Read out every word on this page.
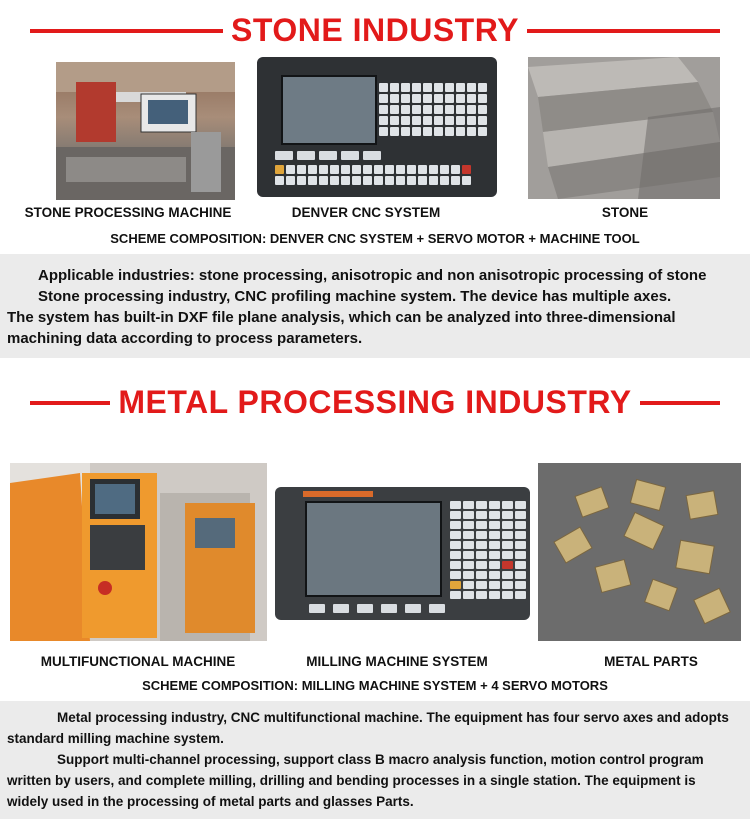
STONE INDUSTRY
STONE PROCESSING MACHINE	DENVER CNC SYSTEM	STONE
SCHEME COMPOSITION: DENVER CNC SYSTEM + SERVO MOTOR + MACHINE TOOL

Applicable industries: stone processing, anisotropic and non anisotropic processing of stone

Stone processing industry, CNC profiling machine system. The device has multiple axes.

The system has built-in DXF file plane analysis, which can be analyzed into three-dimensional machining data according to process parameters.

METAL PROCESSING INDUSTRY
MULTIFUNCTIONAL MACHINE	MILLING MACHINE SYSTEM	METAL PARTS
SCHEME COMPOSITION: MILLING MACHINE SYSTEM + 4 SERVO MOTORS

Metal processing industry, CNC multifunctional machine. The equipment has four servo axes and adopts standard milling machine system.

Support multi-channel processing, support class B macro analysis function, motion control program written by users, and complete milling, drilling and bending processes in a single station. The equipment is widely used in the processing of metal parts and glasses Parts.
